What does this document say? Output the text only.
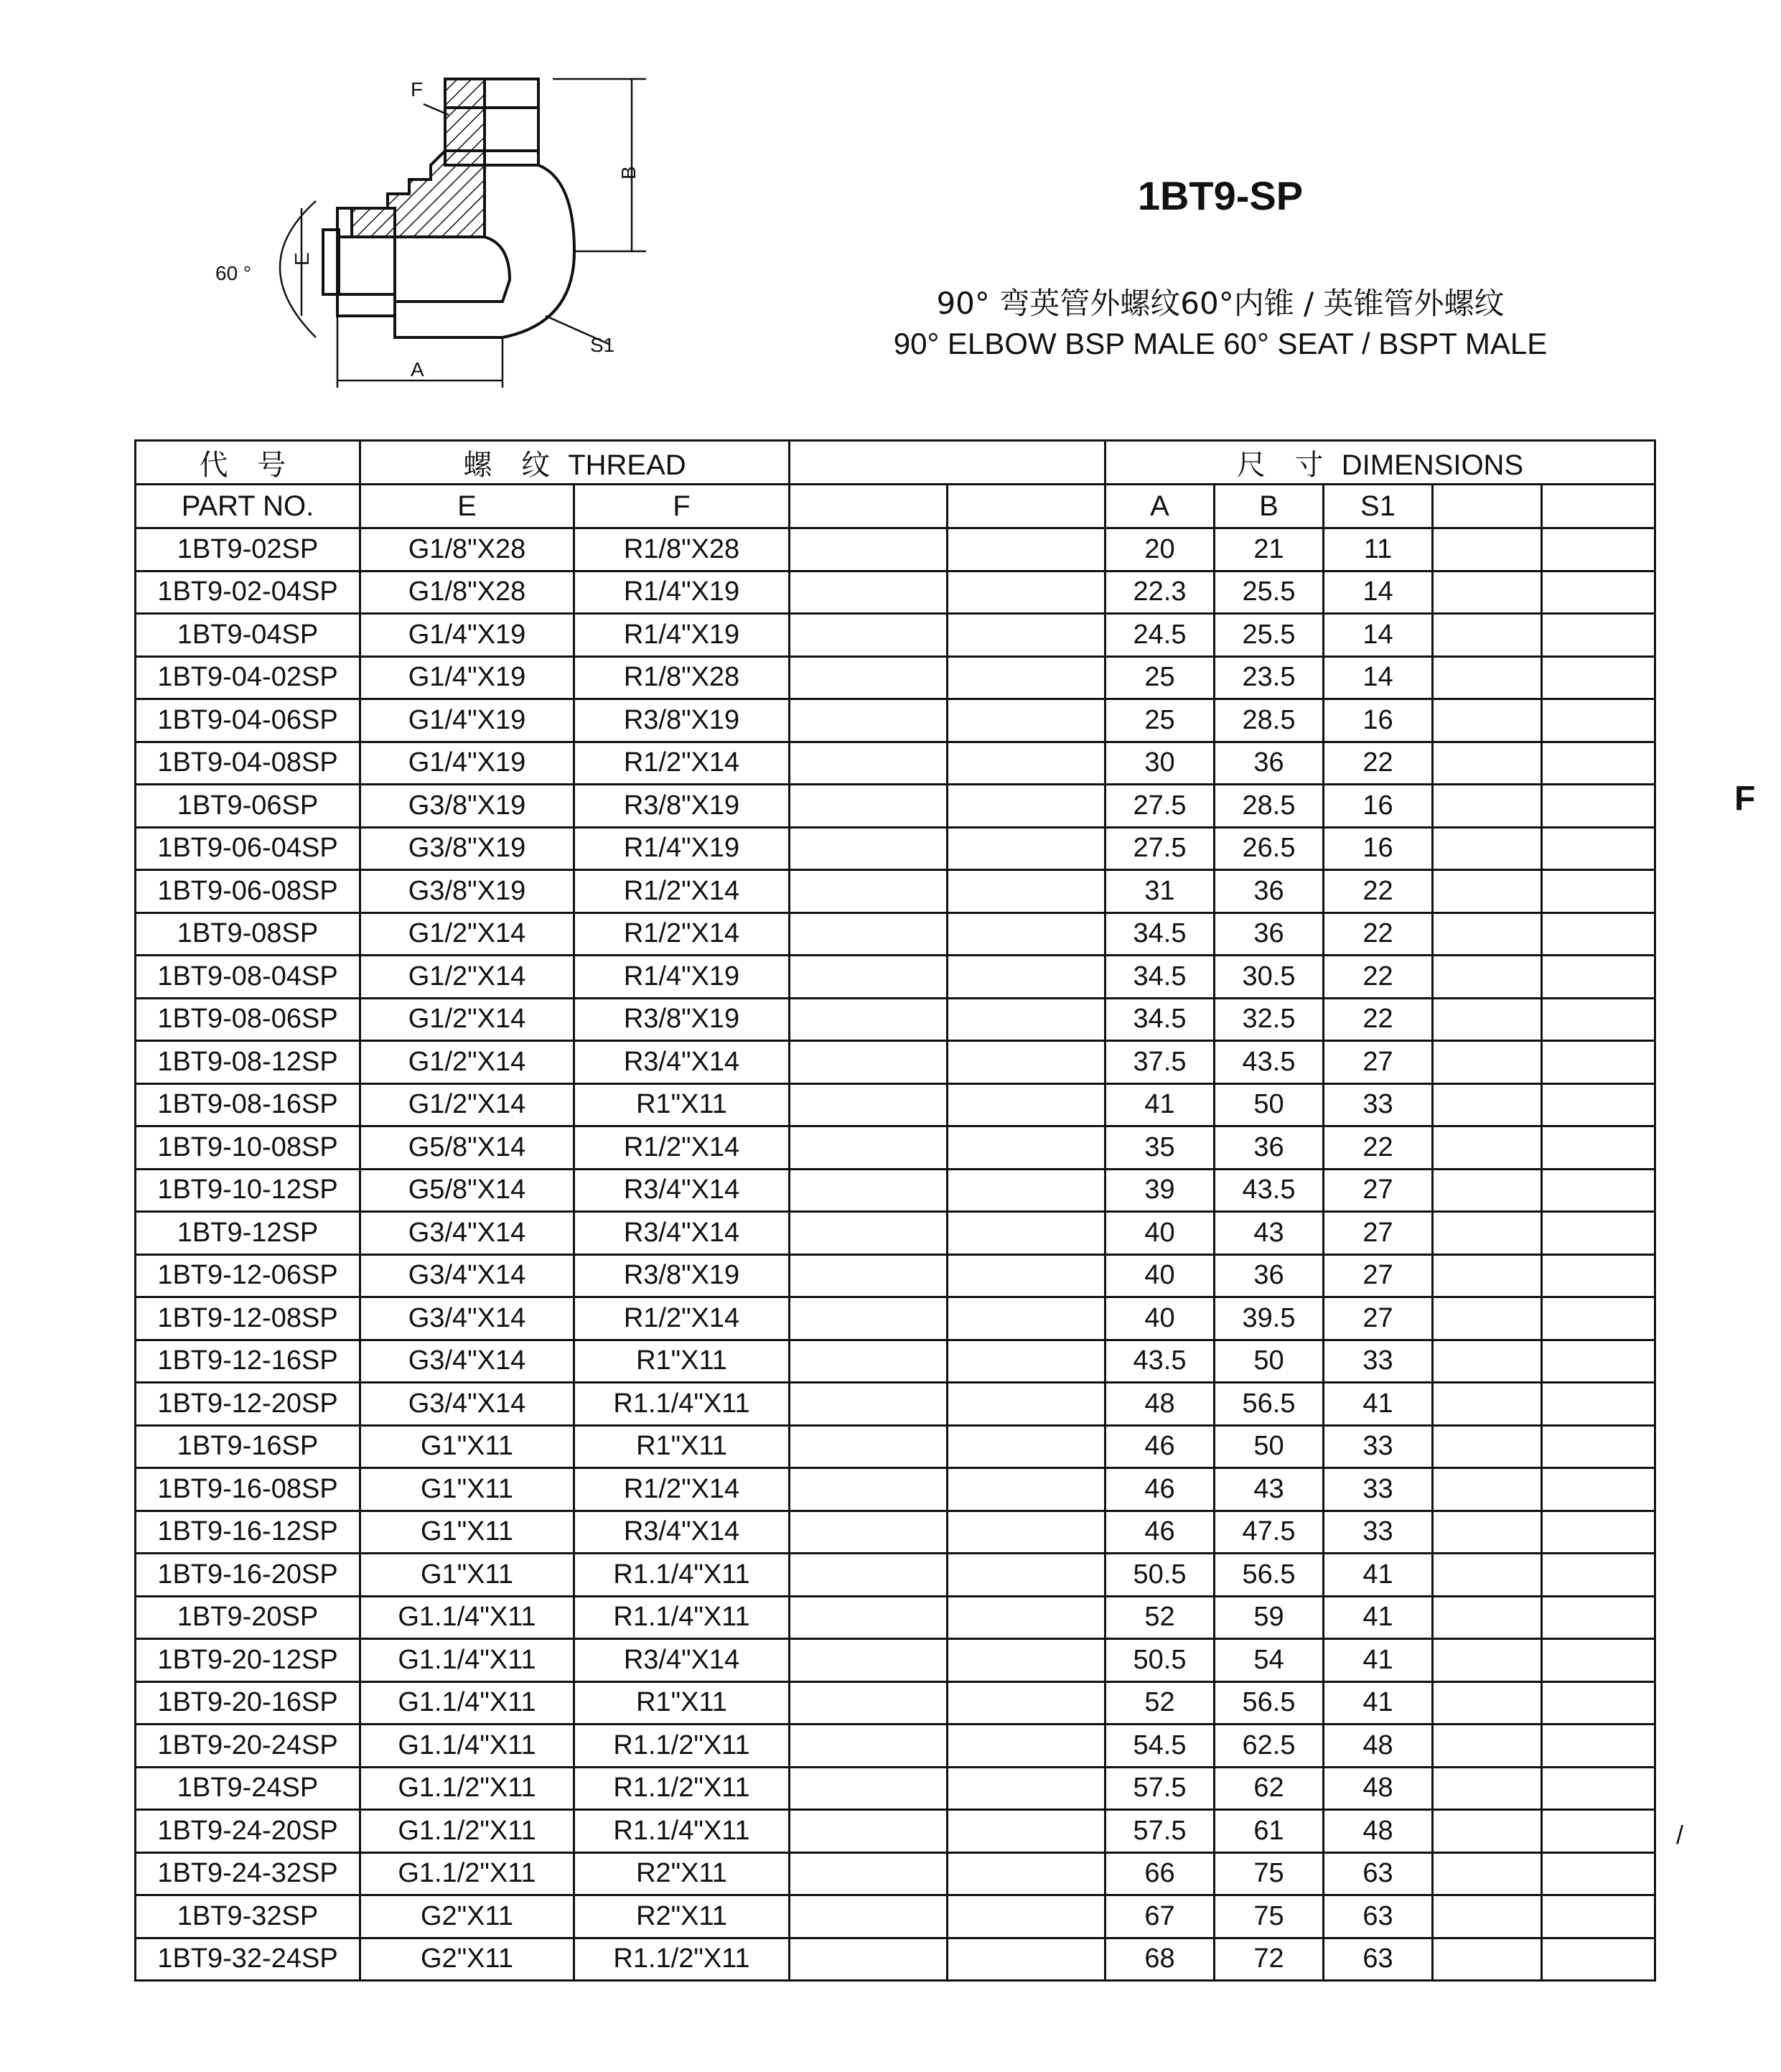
F
B
E
60 °
S1
A
1BT9-SP
90° 弯英管外螺纹60°内锥 / 英锥管外螺纹
90° ELBOW BSP MALE 60° SEAT / BSPT MALE
F
/
代 号	螺 纹 THREAD				尺 寸 DIMENSIONS				
PART NO.	E	F			A	B	S1		
1BT9-02SP	G1/8"X28	R1/8"X28			20	21	11		
1BT9-02-04SP	G1/8"X28	R1/4"X19			22.3	25.5	14		
1BT9-04SP	G1/4"X19	R1/4"X19			24.5	25.5	14		
1BT9-04-02SP	G1/4"X19	R1/8"X28			25	23.5	14		
1BT9-04-06SP	G1/4"X19	R3/8"X19			25	28.5	16		
1BT9-04-08SP	G1/4"X19	R1/2"X14			30	36	22		
1BT9-06SP	G3/8"X19	R3/8"X19			27.5	28.5	16		
1BT9-06-04SP	G3/8"X19	R1/4"X19			27.5	26.5	16		
1BT9-06-08SP	G3/8"X19	R1/2"X14			31	36	22		
1BT9-08SP	G1/2"X14	R1/2"X14			34.5	36	22		
1BT9-08-04SP	G1/2"X14	R1/4"X19			34.5	30.5	22		
1BT9-08-06SP	G1/2"X14	R3/8"X19			34.5	32.5	22		
1BT9-08-12SP	G1/2"X14	R3/4"X14			37.5	43.5	27		
1BT9-08-16SP	G1/2"X14	R1"X11			41	50	33		
1BT9-10-08SP	G5/8"X14	R1/2"X14			35	36	22		
1BT9-10-12SP	G5/8"X14	R3/4"X14			39	43.5	27		
1BT9-12SP	G3/4"X14	R3/4"X14			40	43	27		
1BT9-12-06SP	G3/4"X14	R3/8"X19			40	36	27		
1BT9-12-08SP	G3/4"X14	R1/2"X14			40	39.5	27		
1BT9-12-16SP	G3/4"X14	R1"X11			43.5	50	33		
1BT9-12-20SP	G3/4"X14	R1.1/4"X11			48	56.5	41		
1BT9-16SP	G1"X11	R1"X11			46	50	33		
1BT9-16-08SP	G1"X11	R1/2"X14			46	43	33		
1BT9-16-12SP	G1"X11	R3/4"X14			46	47.5	33		
1BT9-16-20SP	G1"X11	R1.1/4"X11			50.5	56.5	41		
1BT9-20SP	G1.1/4"X11	R1.1/4"X11			52	59	41		
1BT9-20-12SP	G1.1/4"X11	R3/4"X14			50.5	54	41		
1BT9-20-16SP	G1.1/4"X11	R1"X11			52	56.5	41		
1BT9-20-24SP	G1.1/4"X11	R1.1/2"X11			54.5	62.5	48		
1BT9-24SP	G1.1/2"X11	R1.1/2"X11			57.5	62	48		
1BT9-24-20SP	G1.1/2"X11	R1.1/4"X11			57.5	61	48		
1BT9-24-32SP	G1.1/2"X11	R2"X11			66	75	63		
1BT9-32SP	G2"X11	R2"X11			67	75	63		
1BT9-32-24SP	G2"X11	R1.1/2"X11			68	72	63		
